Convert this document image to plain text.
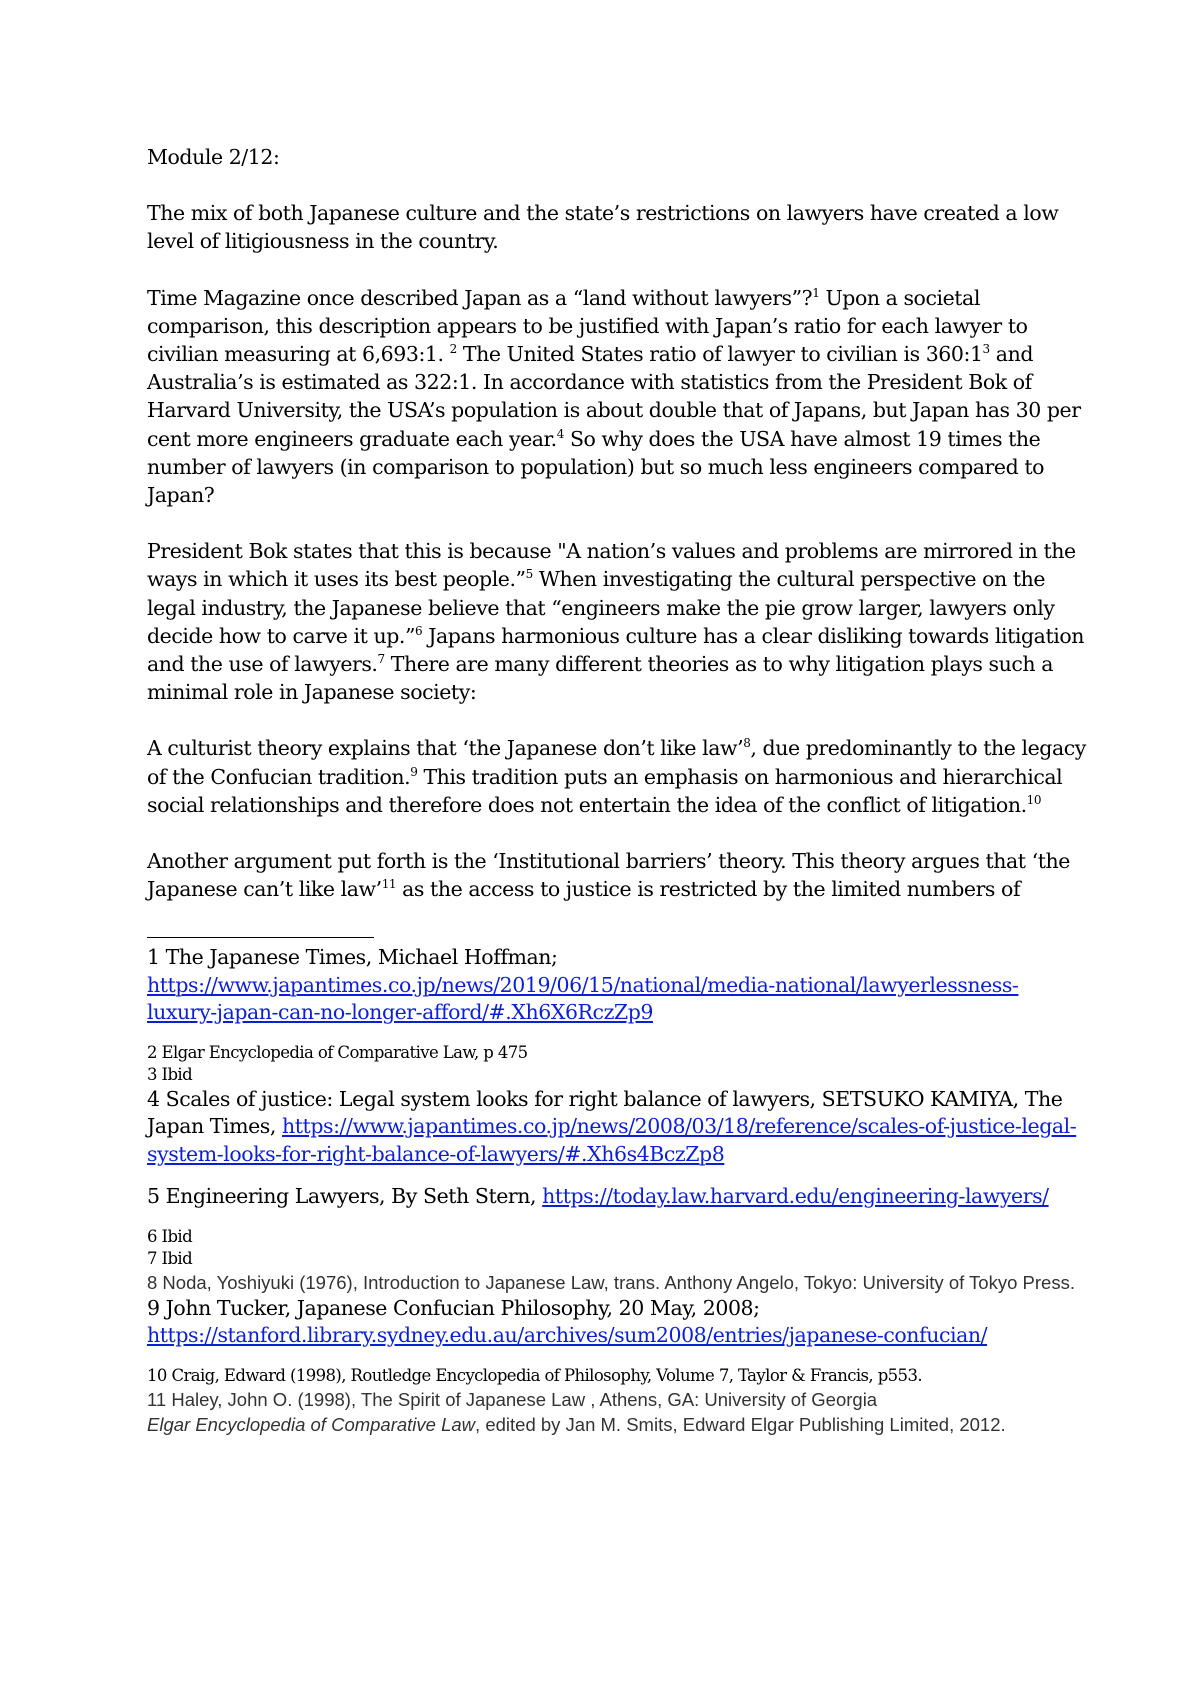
Module 2/12:

The mix of both Japanese culture and the state’s restrictions on lawyers have created a low level of litigiousness in the country.

Time Magazine once described Japan as a “land without lawyers”?$^1$ Upon a societal comparison, this description appears to be justified with Japan’s ratio for each lawyer to civilian measuring at 6,693:1. $^2$ The United States ratio of lawyer to civilian is $360:1^3$ and Australia’s is estimated as 322:1. In accordance with statistics from the President Bok of Harvard University, the USA’s population is about double that of Japans, but Japan has 30 per cent more engineers graduate each year.$^4$ So why does the USA have almost 19 times the number of lawyers (in comparison to population) but so much less engineers compared to Japan?

President Bok states that this is because "A nation’s values and problems are mirrored in the ways in which it uses its best people.”$^5$ When investigating the cultural perspective on the legal industry, the Japanese believe that “engineers make the pie grow larger, lawyers only decide how to carve it up.”$^6$ Japans harmonious culture has a clear disliking towards litigation and the use of lawyers.$^7$ There are many different theories as to why litigation plays such a minimal role in Japanese society:

A culturist theory explains that ‘the Japanese don’t like law’$^8$, due predominantly to the legacy of the Confucian tradition.$^9$ This tradition puts an emphasis on harmonious and hierarchical social relationships and therefore does not entertain the idea of the conflict of litigation.$^{10}$

Another argument put forth is the ‘Institutional barriers’ theory. This theory argues that ‘the Japanese can’t like law’$^{11}$ as the access to justice is restricted by the limited numbers of

1 The Japanese Times, Michael Hoffman;
https://www.japantimes.co.jp/news/2019/06/15/national/media-national/lawyerlessness-luxury-japan-can-no-longer-afford/#.Xh6X6RczZp9

2 Elgar Encyclopedia of Comparative Law, p 475

3 Ibid

4 Scales of justice: Legal system looks for right balance of lawyers, SETSUKO KAMIYA, The Japan Times, https://www.japantimes.co.jp/news/2008/03/18/reference/scales-of-justice-legal-system-looks-for-right-balance-of-lawyers/#.Xh6s4BczZp8

5 Engineering Lawyers, By Seth Stern, https://today.law.harvard.edu/engineering-lawyers/

6 Ibid

7 Ibid

8 Noda, Yoshiyuki (1976), Introduction to Japanese Law, trans. Anthony Angelo, Tokyo: University of Tokyo Press.

9 John Tucker, Japanese Confucian Philosophy, 20 May, 2008;
https://stanford.library.sydney.edu.au/archives/sum2008/entries/japanese-confucian/

10 Craig, Edward (1998), Routledge Encyclopedia of Philosophy, Volume 7, Taylor & Francis, p553.

11 Haley, John O. (1998), The Spirit of Japanese Law , Athens, GA: University of Georgia
Elgar Encyclopedia of Comparative Law, edited by Jan M. Smits, Edward Elgar Publishing Limited, 2012.
